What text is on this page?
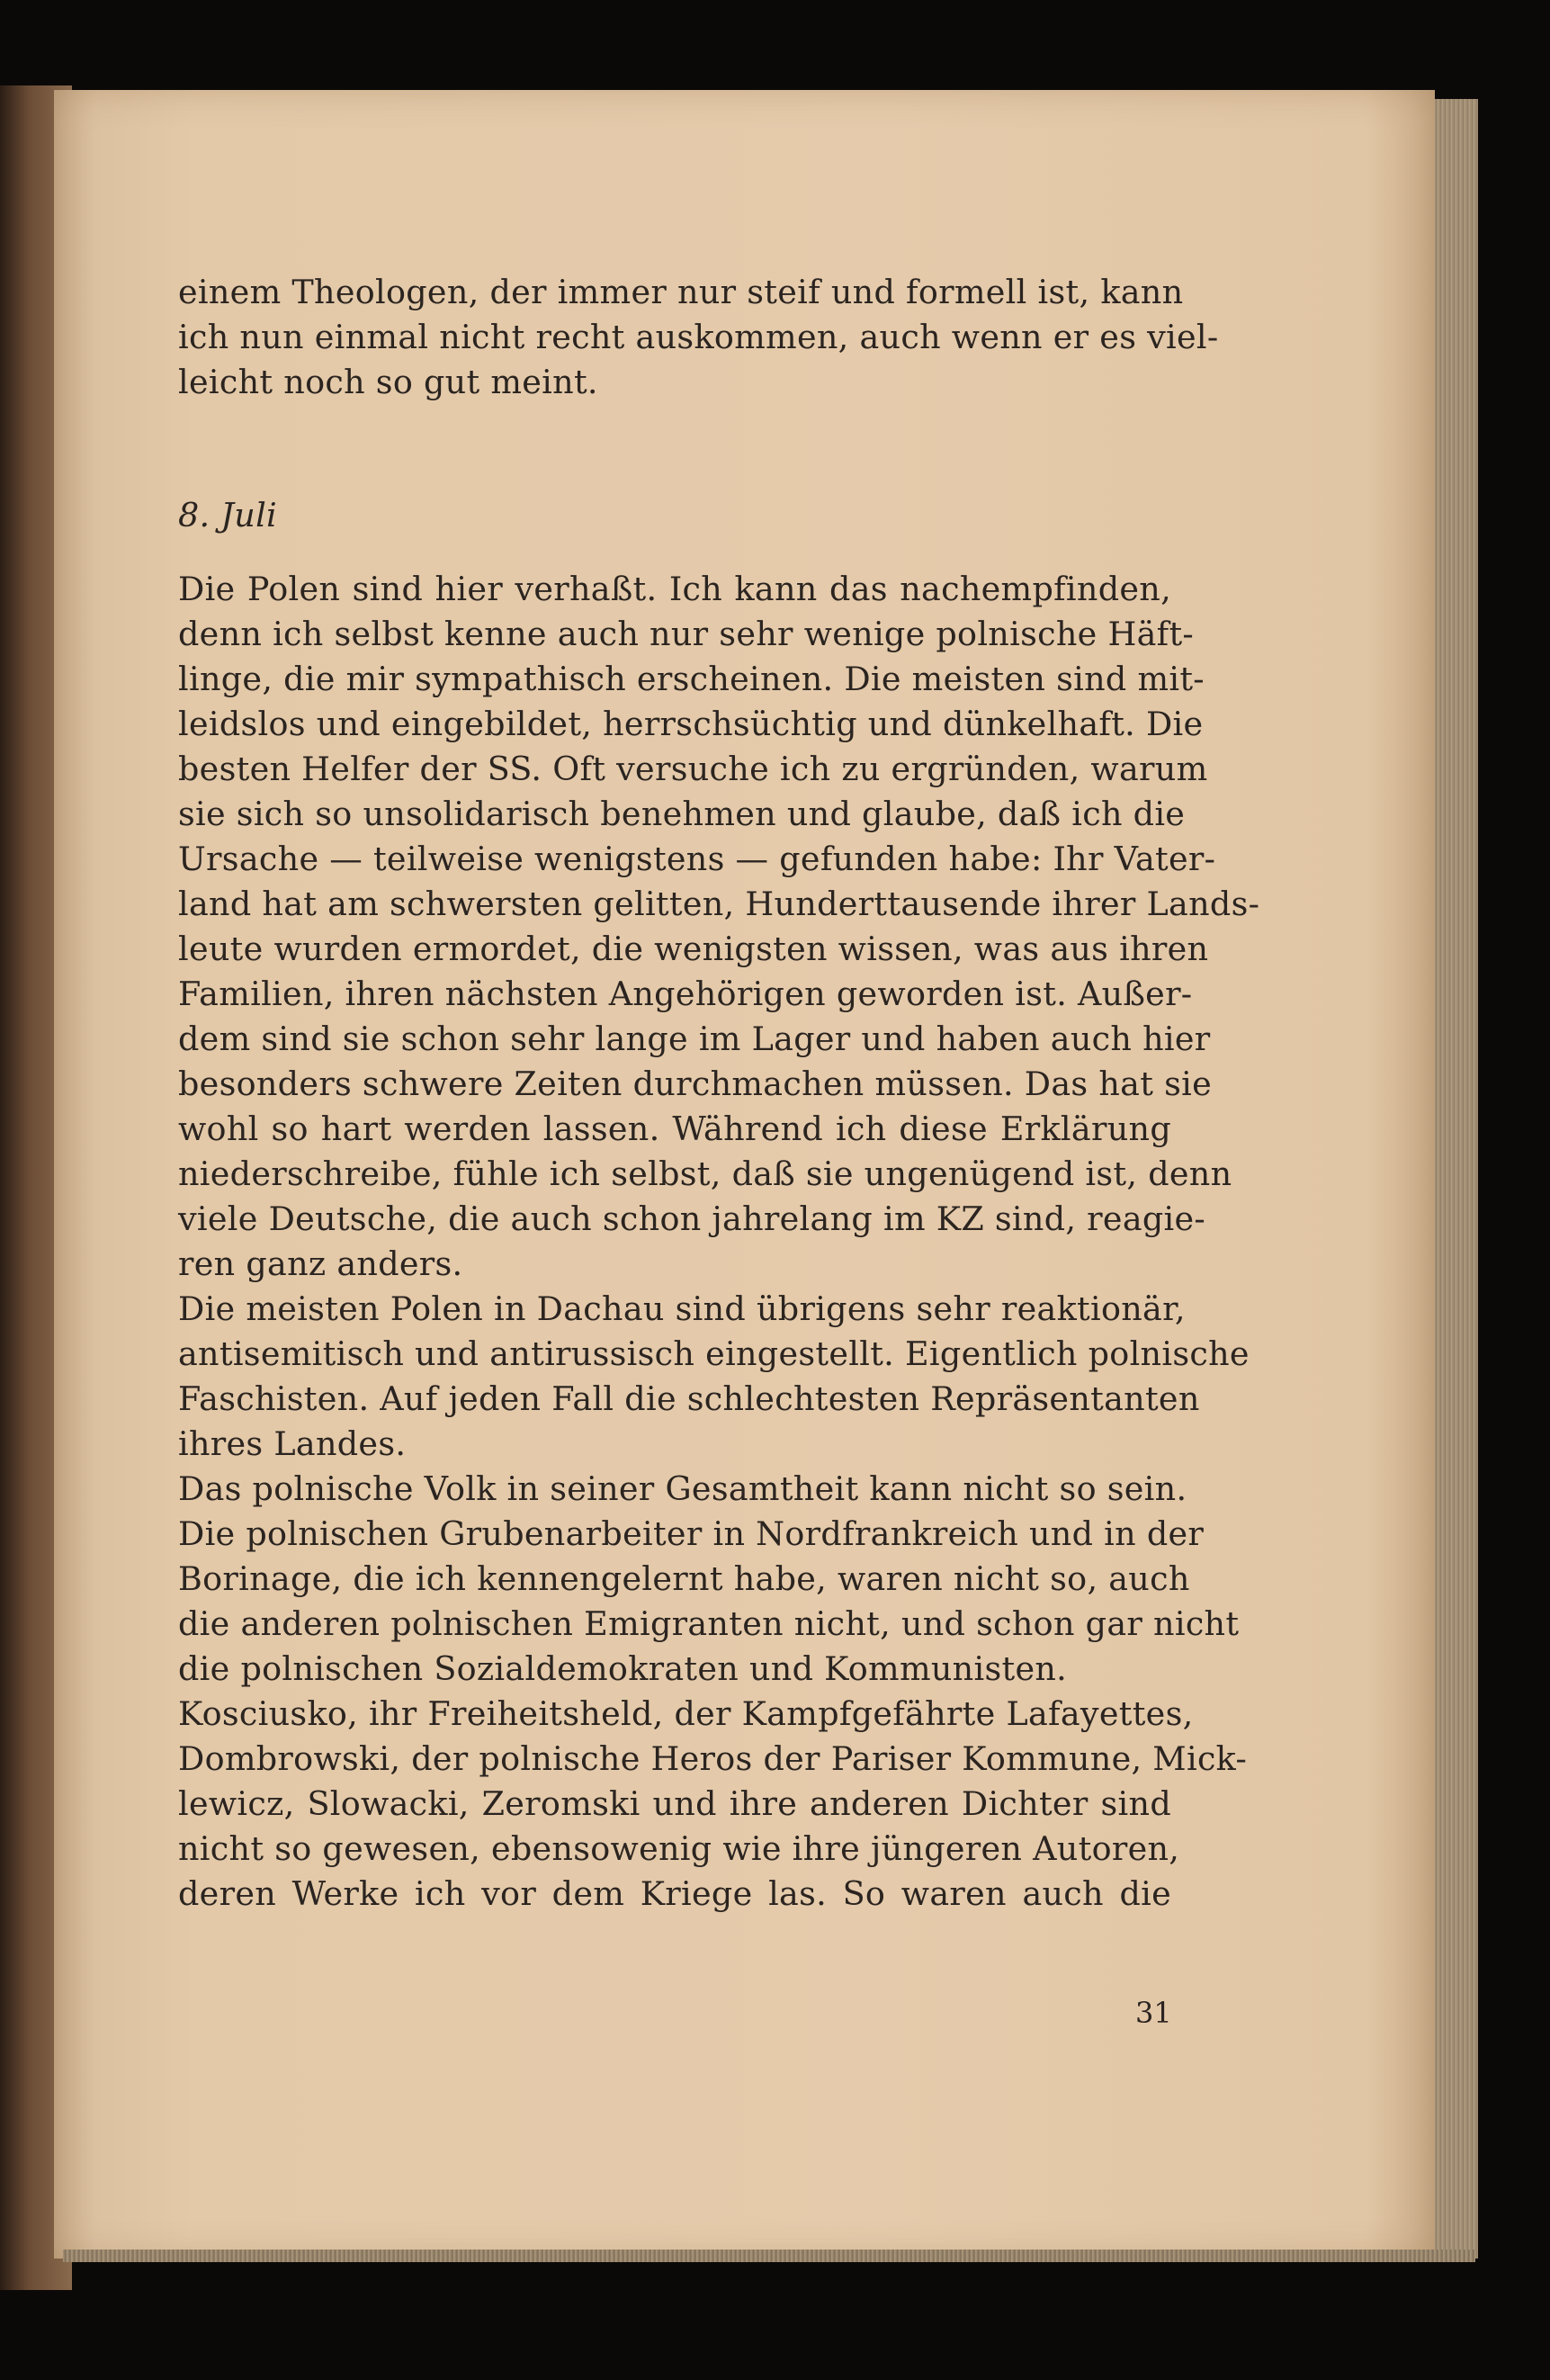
einem Theologen, der immer nur steif und formell ist, kann
ich nun einmal nicht recht auskommen, auch wenn er es viel-
leicht noch so gut meint.
8. Juli
Die Polen sind hier verhaßt. Ich kann das nachempfinden,
denn ich selbst kenne auch nur sehr wenige polnische Häft-
linge, die mir sympathisch erscheinen. Die meisten sind mit-
leidslos und eingebildet, herrschsüchtig und dünkelhaft. Die
besten Helfer der SS. Oft versuche ich zu ergründen, warum
sie sich so unsolidarisch benehmen und glaube, daß ich die
Ursache — teilweise wenigstens — gefunden habe: Ihr Vater-
land hat am schwersten gelitten, Hunderttausende ihrer Lands-
leute wurden ermordet, die wenigsten wissen, was aus ihren
Familien, ihren nächsten Angehörigen geworden ist. Außer-
dem sind sie schon sehr lange im Lager und haben auch hier
besonders schwere Zeiten durchmachen müssen. Das hat sie
wohl so hart werden lassen. Während ich diese Erklärung
niederschreibe, fühle ich selbst, daß sie ungenügend ist, denn
viele Deutsche, die auch schon jahrelang im KZ sind, reagie-
ren ganz anders.
Die meisten Polen in Dachau sind übrigens sehr reaktionär,
antisemitisch und antirussisch eingestellt. Eigentlich polnische
Faschisten. Auf jeden Fall die schlechtesten Repräsentanten
ihres Landes.
Das polnische Volk in seiner Gesamtheit kann nicht so sein.
Die polnischen Grubenarbeiter in Nordfrankreich und in der
Borinage, die ich kennengelernt habe, waren nicht so, auch
die anderen polnischen Emigranten nicht, und schon gar nicht
die polnischen Sozialdemokraten und Kommunisten.
Kosciusko, ihr Freiheitsheld, der Kampfgefährte Lafayettes,
Dombrowski, der polnische Heros der Pariser Kommune, Mick-
lewicz, Slowacki, Zeromski und ihre anderen Dichter sind
nicht so gewesen, ebensowenig wie ihre jüngeren Autoren,
deren Werke ich vor dem Kriege las. So waren auch die
31
